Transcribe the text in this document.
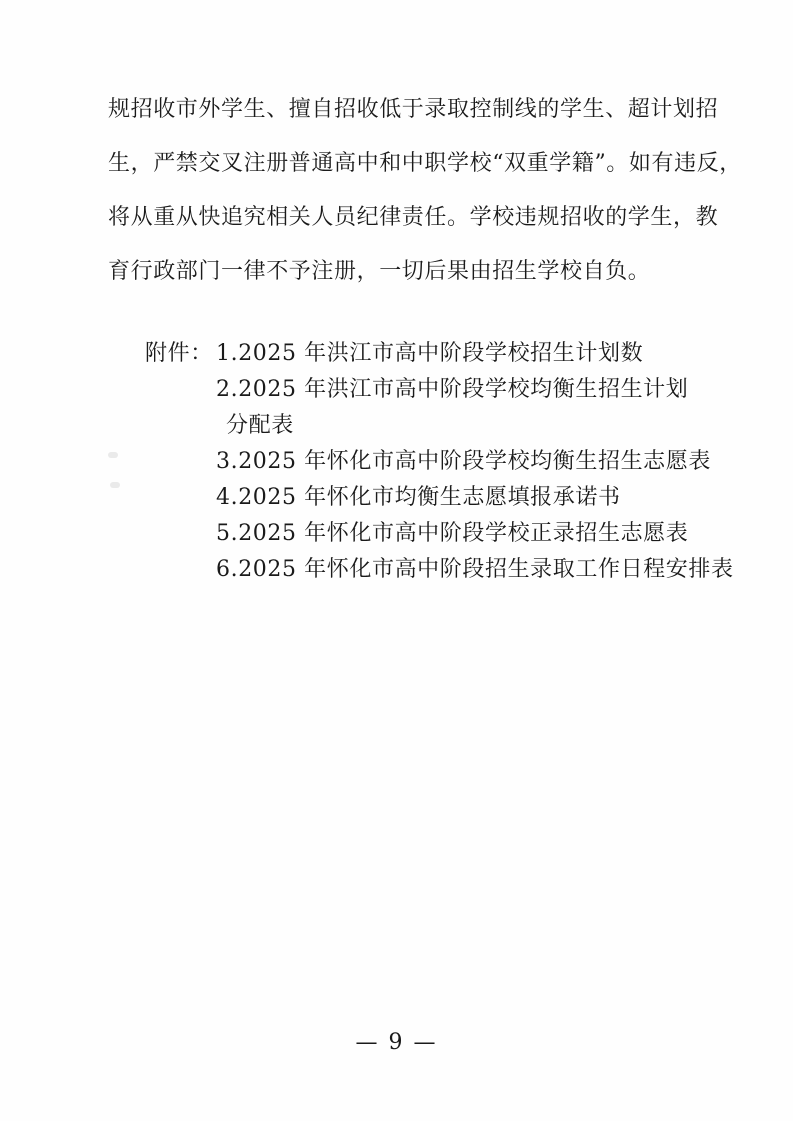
规招收市外学生、擅自招收低于录取控制线的学生、超计划招
生，严禁交叉注册普通高中和中职学校“双重学籍”。如有违反，
将从重从快追究相关人员纪律责任。学校违规招收的学生，教
育行政部门一律不予注册，一切后果由招生学校自负。
附件： 1.2025 年洪江市高中阶段学校招生计划数
2.2025 年洪江市高中阶段学校均衡生招生计划
分配表
3.2025 年怀化市高中阶段学校均衡生招生志愿表
4.2025 年怀化市均衡生志愿填报承诺书
5.2025 年怀化市高中阶段学校正录招生志愿表
6.2025 年怀化市高中阶段招生录取工作日程安排表
— 9 —
